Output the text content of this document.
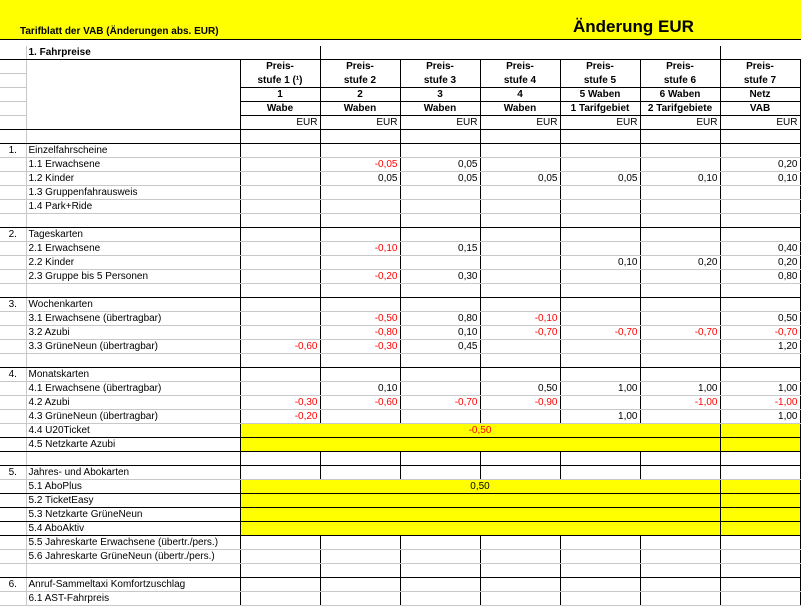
Tarifblatt der VAB (Änderungen abs. EUR)	Änderung EUR
	1. Fahrpreise							
		Preis-	Preis-	Preis-	Preis-	Preis-	Preis-	Preis-
		stufe 1 (¹)	stufe 2	stufe 3	stufe 4	stufe 5	stufe 6	stufe 7
		1	2	3	4	5 Waben	6 Waben	Netz
		Wabe	Waben	Waben	Waben	1 Tarifgebiet	2 Tarifgebiete	VAB
		EUR	EUR	EUR	EUR	EUR	EUR	EUR

1.	Einzelfahrscheine							
	1.1 Erwachsene		-0,05	0,05				0,20
	1.2 Kinder		0,05	0,05	0,05	0,05	0,10	0,10
	1.3 Gruppenfahrausweis							
	1.4 Park+Ride							

2.	Tageskarten							
	2.1 Erwachsene		-0,10	0,15				0,40
	2.2 Kinder					0,10	0,20	0,20
	2.3 Gruppe bis 5 Personen		-0,20	0,30				0,80

3.	Wochenkarten							
	3.1 Erwachsene (übertragbar)		-0,50	0,80	-0,10			0,50
	3.2 Azubi		-0,80	0,10	-0,70	-0,70	-0,70	-0,70
	3.3 GrüneNeun (übertragbar)	-0,60	-0,30	0,45				1,20

4.	Monatskarten							
	4.1 Erwachsene (übertragbar)		0,10		0,50	1,00	1,00	1,00
	4.2 Azubi	-0,30	-0,60	-0,70	-0,90		-1,00	-1,00
	4.3 GrüneNeun (übertragbar)	-0,20				1,00		1,00
	4.4 U20Ticket	-0,50						
	4.5 Netzkarte Azubi							

5.	Jahres- und Abokarten							
	5.1 AboPlus	0,50						
	5.2 TicketEasy							
	5.3 Netzkarte GrüneNeun							
	5.4 AboAktiv							
	5.5 Jahreskarte Erwachsene (übertr./pers.)							
	5.6 Jahreskarte GrüneNeun (übertr./pers.)							

6.	Anruf-Sammeltaxi Komfortzuschlag							
	6.1 AST-Fahrpreis							
